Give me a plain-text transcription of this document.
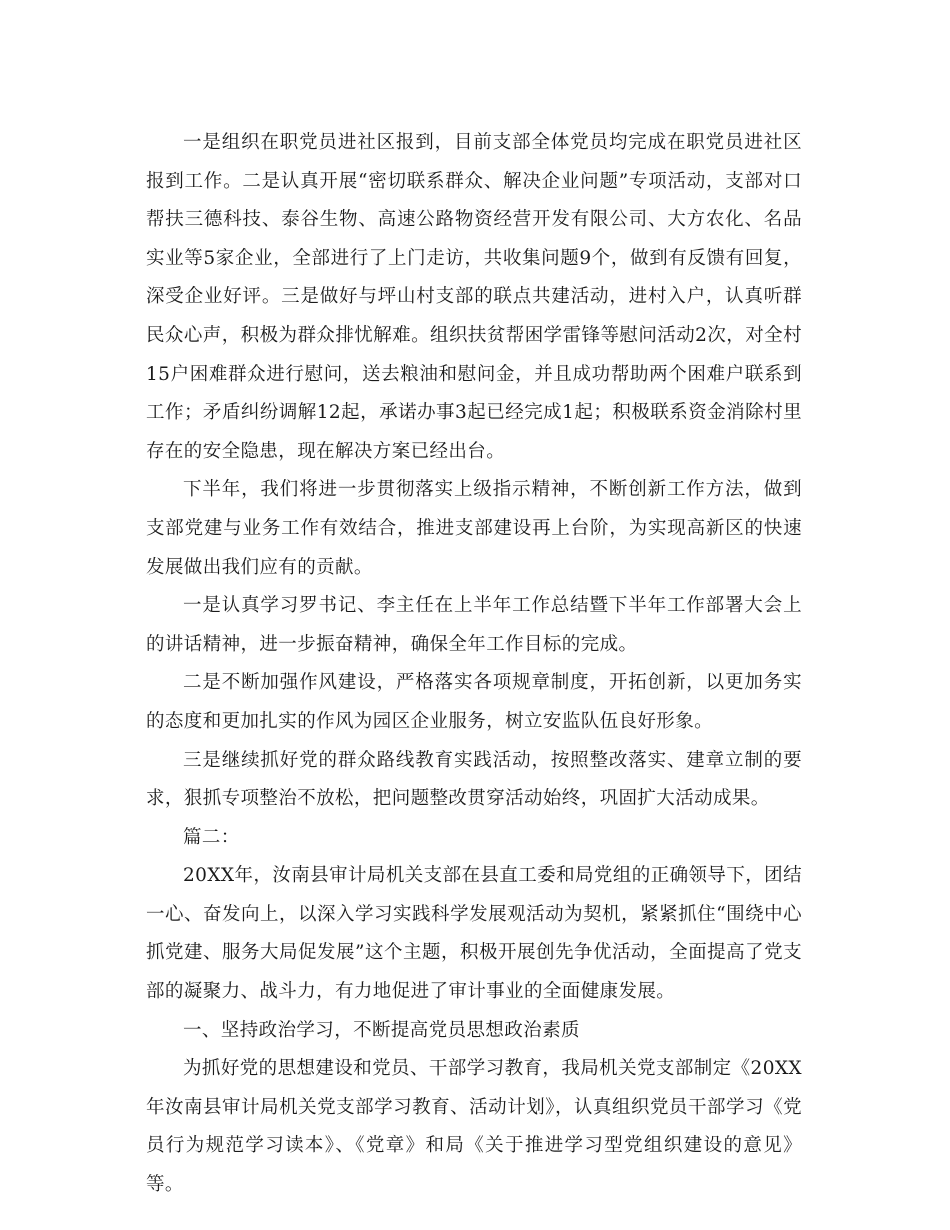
一是组织在职党员进社区报到，目前支部全体党员均完成在职党员进社区报到工作。二是认真开展“密切联系群众、解决企业问题”专项活动，支部对口帮扶三德科技、泰谷生物、高速公路物资经营开发有限公司、大方农化、名品实业等5家企业，全部进行了上门走访，共收集问题9个，做到有反馈有回复，深受企业好评。三是做好与坪山村支部的联点共建活动，进村入户，认真听群民众心声，积极为群众排忧解难。组织扶贫帮困学雷锋等慰问活动2次，对全村15户困难群众进行慰问，送去粮油和慰问金，并且成功帮助两个困难户联系到工作；矛盾纠纷调解12起，承诺办事3起已经完成1起；积极联系资金消除村里存在的安全隐患，现在解决方案已经出台。

下半年，我们将进一步贯彻落实上级指示精神，不断创新工作方法，做到支部党建与业务工作有效结合，推进支部建设再上台阶，为实现高新区的快速发展做出我们应有的贡献。

一是认真学习罗书记、李主任在上半年工作总结暨下半年工作部署大会上的讲话精神，进一步振奋精神，确保全年工作目标的完成。

二是不断加强作风建设，严格落实各项规章制度，开拓创新，以更加务实的态度和更加扎实的作风为园区企业服务，树立安监队伍良好形象。

三是继续抓好党的群众路线教育实践活动，按照整改落实、建章立制的要求，狠抓专项整治不放松，把问题整改贯穿活动始终，巩固扩大活动成果。

篇二：

20XX年，汝南县审计局机关支部在县直工委和局党组的正确领导下，团结一心、奋发向上，以深入学习实践科学发展观活动为契机，紧紧抓住“围绕中心抓党建、服务大局促发展”这个主题，积极开展创先争优活动，全面提高了党支部的凝聚力、战斗力，有力地促进了审计事业的全面健康发展。

一、坚持政治学习，不断提高党员思想政治素质

为抓好党的思想建设和党员、干部学习教育，我局机关党支部制定《20XX年汝南县审计局机关党支部学习教育、活动计划》，认真组织党员干部学习《党员行为规范学习读本》、《党章》和局《关于推进学习型党组织建设的意见》等。
